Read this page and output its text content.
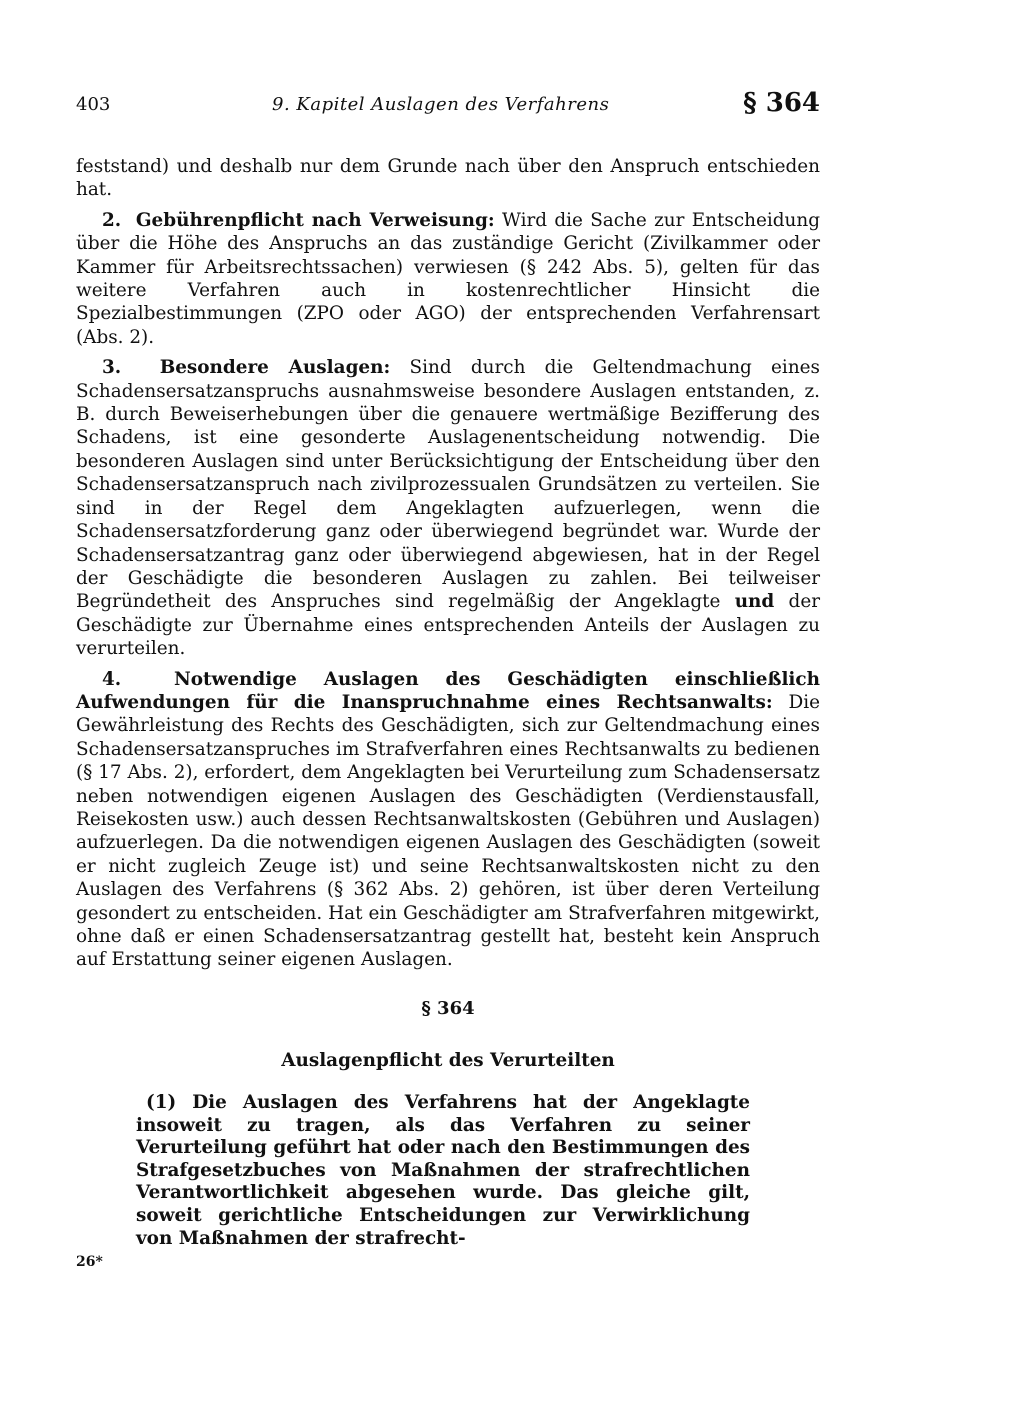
403	9. Kapitel Auslagen des Verfahrens	§ 364

feststand) und deshalb nur dem Grunde nach über den Anspruch entschieden hat.

2. Gebührenpflicht nach Verweisung: Wird die Sache zur Entscheidung über die Höhe des Anspruchs an das zuständige Gericht (Zivilkammer oder Kammer für Arbeitsrechtssachen) verwiesen (§ 242 Abs. 5), gelten für das weitere Verfahren auch in kostenrechtlicher Hinsicht die Spezialbestimmungen (ZPO oder AGO) der entsprechenden Verfahrensart (Abs. 2).

3. Besondere Auslagen: Sind durch die Geltendmachung eines Schadensersatzanspruchs ausnahmsweise besondere Auslagen entstanden, z. B. durch Beweiserhebungen über die genauere wertmäßige Bezifferung des Schadens, ist eine gesonderte Auslagenentscheidung notwendig. Die besonderen Auslagen sind unter Berücksichtigung der Entscheidung über den Schadensersatzanspruch nach zivilprozessualen Grundsätzen zu verteilen. Sie sind in der Regel dem Angeklagten aufzuerlegen, wenn die Schadensersatzforderung ganz oder überwiegend begründet war. Wurde der Schadensersatzantrag ganz oder überwiegend abgewiesen, hat in der Regel der Geschädigte die besonderen Auslagen zu zahlen. Bei teilweiser Begründetheit des Anspruches sind regelmäßig der Angeklagte und der Geschädigte zur Übernahme eines entsprechenden Anteils der Auslagen zu verurteilen.

4.	Notwendige Auslagen des Geschädigten einschließlich Aufwendungen für die Inanspruchnahme eines Rechtsanwalts: Die Gewährleistung des Rechts des Geschädigten, sich zur Geltendmachung eines Schadensersatzanspruches im Strafverfahren eines Rechtsanwalts zu bedienen (§ 17 Abs. 2), erfordert, dem Angeklagten bei Verurteilung zum Schadensersatz neben notwendigen eigenen Auslagen des Geschädigten (Verdienstausfall, Reisekosten usw.) auch dessen Rechtsanwaltskosten (Gebühren und Auslagen) aufzuerlegen. Da die notwendigen eigenen Auslagen des Geschädigten (soweit er nicht zugleich Zeuge ist) und seine Rechtsanwaltskosten nicht zu den Auslagen des Verfahrens (§ 362 Abs. 2) gehören, ist über deren Verteilung gesondert zu entscheiden. Hat ein Geschädigter am Strafverfahren mitgewirkt, ohne daß er einen Schadensersatzantrag gestellt hat, besteht kein Anspruch auf Erstattung seiner eigenen Auslagen.

§ 364
Auslagenpflicht des Verurteilten

(1) Die Auslagen des Verfahrens hat der Angeklagte insoweit zu tragen, als das Verfahren zu seiner Verurteilung geführt hat oder nach den Bestimmungen des Strafgesetzbuches von Maßnahmen der strafrechtlichen Verantwortlichkeit abgesehen wurde. Das gleiche gilt, soweit gerichtliche Entscheidungen zur Verwirklichung von Maßnahmen der strafrecht-

26*
